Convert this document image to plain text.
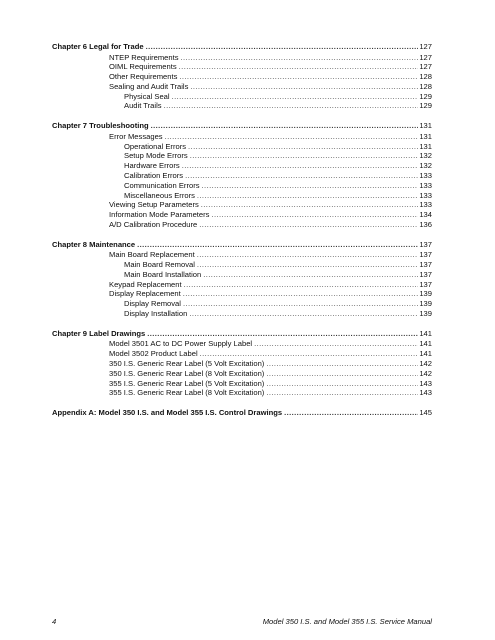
Chapter 6 Legal for Trade .....	127
NTEP Requirements .....	127
OIML Requirements .....	127
Other Requirements .....	128
Sealing and Audit Trails .....	128
Physical Seal .....	129
Audit Trails .....	129
Chapter 7 Troubleshooting .....	131
Error Messages .....	131
Operational Errors .....	131
Setup Mode Errors .....	132
Hardware Errors .....	132
Calibration Errors .....	133
Communication Errors .....	133
Miscellaneous Errors .....	133
Viewing Setup Parameters .....	133
Information Mode Parameters .....	134
A/D Calibration Procedure .....	136
Chapter 8 Maintenance .....	137
Main Board Replacement .....	137
Main Board Removal .....	137
Main Board Installation .....	137
Keypad Replacement .....	137
Display Replacement .....	139
Display Removal .....	139
Display Installation .....	139
Chapter 9 Label Drawings .....	141
Model 3501 AC to DC Power Supply Label .....	141
Model 3502 Product Label .....	141
350 I.S. Generic Rear Label (5 Volt Excitation) .....	142
350 I.S. Generic Rear Label (8 Volt Excitation) .....	142
355 I.S. Generic Rear Label (5 Volt Excitation) .....	143
355 I.S. Generic Rear Label (8 Volt Excitation) .....	143
Appendix A: Model 350 I.S. and Model 355 I.S. Control Drawings .....	145
4	Model 350 I.S. and Model 355 I.S. Service Manual
